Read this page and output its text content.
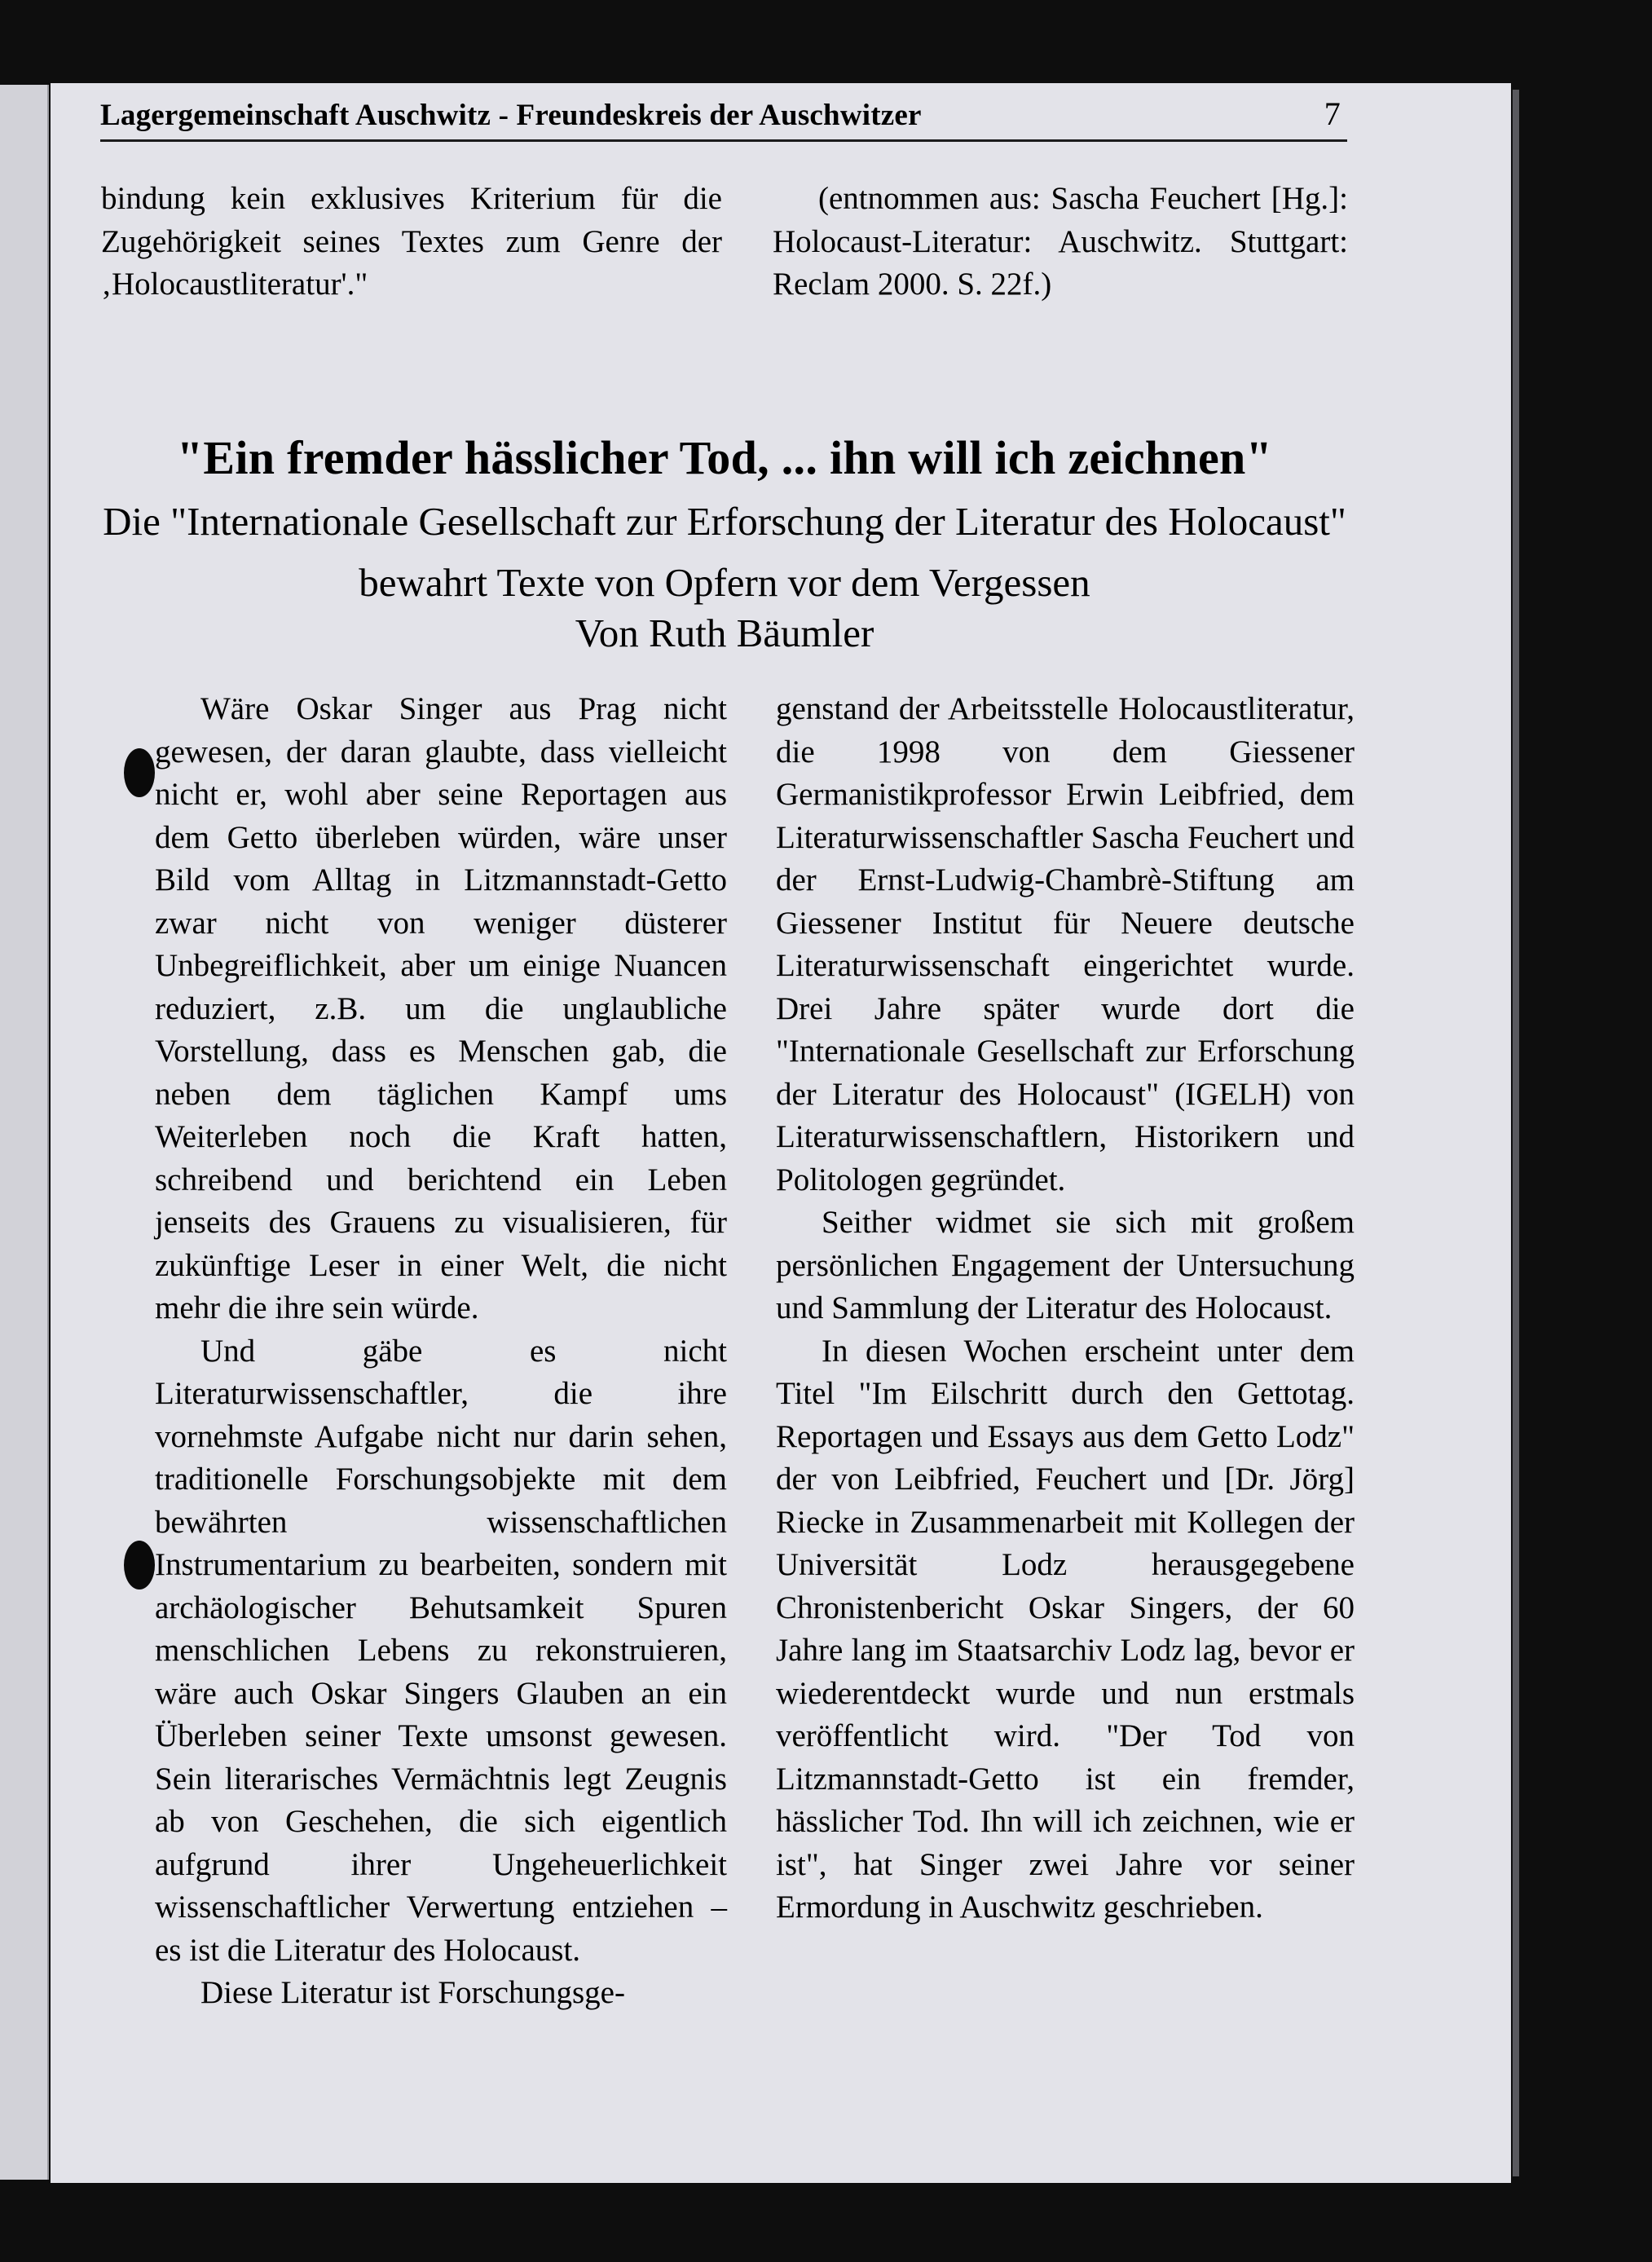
Lagergemeinschaft Auschwitz - Freundeskreis der Auschwitzer	7

bindung kein exklusives Kriterium für die Zugehörigkeit seines Textes zum Genre der ‚Holocaustliteratur'."

(entnommen aus: Sascha Feuchert [Hg.]: Holocaust-Literatur: Auschwitz. Stuttgart: Reclam 2000. S. 22f.)

"Ein fremder hässlicher Tod, ... ihn will ich zeichnen"
Die "Internationale Gesellschaft zur Erforschung der Literatur des Holocaust" bewahrt Texte von Opfern vor dem Vergessen
Von Ruth Bäumler

Wäre Oskar Singer aus Prag nicht gewesen, der daran glaubte, dass vielleicht nicht er, wohl aber seine Reportagen aus dem Getto überleben würden, wäre unser Bild vom Alltag in Litzmannstadt-Getto zwar nicht von weniger düsterer Unbegreiflichkeit, aber um einige Nuancen reduziert, z.B. um die unglaubliche Vorstellung, dass es Menschen gab, die neben dem täglichen Kampf ums Weiterleben noch die Kraft hatten, schreibend und berichtend ein Leben jenseits des Grauens zu visualisieren, für zukünftige Leser in einer Welt, die nicht mehr die ihre sein würde.

Und gäbe es nicht Literaturwissenschaftler, die ihre vornehmste Aufgabe nicht nur darin sehen, traditionelle Forschungsobjekte mit dem bewährten wissenschaftlichen Instrumentarium zu bearbeiten, sondern mit archäologischer Behutsamkeit Spuren menschlichen Lebens zu rekonstruieren, wäre auch Oskar Singers Glauben an ein Überleben seiner Texte umsonst gewesen. Sein literarisches Vermächtnis legt Zeugnis ab von Geschehen, die sich eigentlich aufgrund ihrer Ungeheuerlichkeit wissenschaftlicher Verwertung entziehen – es ist die Literatur des Holocaust.

Diese Literatur ist Forschungsge-

genstand der Arbeitsstelle Holocaustliteratur, die 1998 von dem Giessener Germanistikprofessor Erwin Leibfried, dem Literaturwissenschaftler Sascha Feuchert und der Ernst-Ludwig-Chambrè-Stiftung am Giessener Institut für Neuere deutsche Literaturwissenschaft eingerichtet wurde. Drei Jahre später wurde dort die "Internationale Gesellschaft zur Erforschung der Literatur des Holocaust" (IGELH) von Literaturwissenschaftlern, Historikern und Politologen gegründet.

Seither widmet sie sich mit großem persönlichen Engagement der Untersuchung und Sammlung der Literatur des Holocaust.

In diesen Wochen erscheint unter dem Titel "Im Eilschritt durch den Gettotag. Reportagen und Essays aus dem Getto Lodz" der von Leibfried, Feuchert und [Dr. Jörg] Riecke in Zusammenarbeit mit Kollegen der Universität Lodz herausgegebene Chronistenbericht Oskar Singers, der 60 Jahre lang im Staatsarchiv Lodz lag, bevor er wiederentdeckt wurde und nun erstmals veröffentlicht wird. "Der Tod von Litzmannstadt-Getto ist ein fremder, hässlicher Tod. Ihn will ich zeichnen, wie er ist", hat Singer zwei Jahre vor seiner Ermordung in Auschwitz geschrieben.
